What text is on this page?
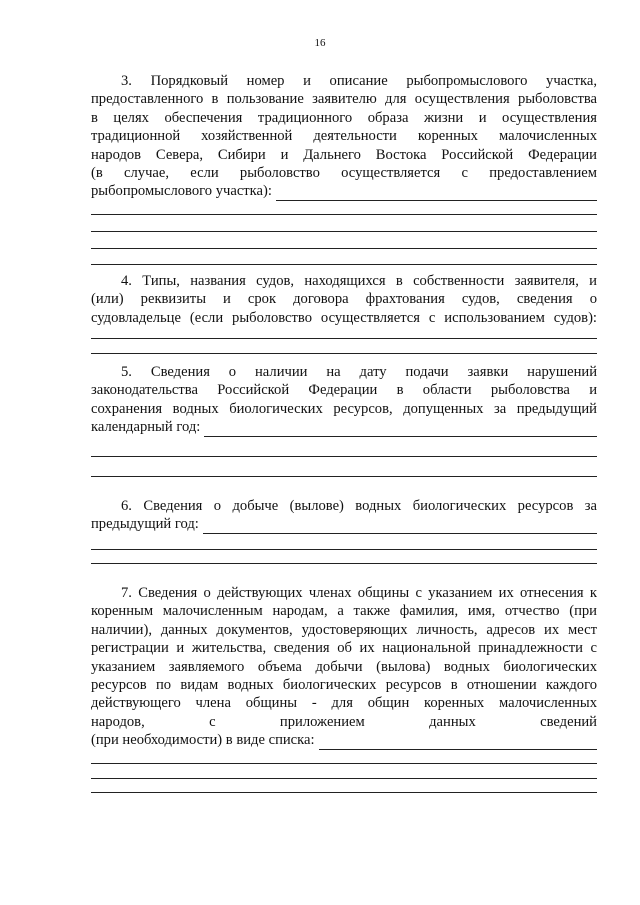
16

3. Порядковый номер и описание рыбопромыслового участка,

предоставленного в пользование заявителю для осуществления рыболовства

в целях обеспечения традиционного образа жизни и осуществления

традиционной хозяйственной деятельности коренных малочисленных

народов Севера, Сибири и Дальнего Востока Российской Федерации

(в случае, если рыболовство осуществляется с предоставлением

рыбопромыслового участка):

4. Типы, названия судов, находящихся в собственности заявителя, и

(или) реквизиты и срок договора фрахтования судов, сведения о

судовладельце (если рыболовство осуществляется с использованием судов):

5. Сведения о наличии на дату подачи заявки нарушений

законодательства Российской Федерации в области рыболовства и

сохранения водных биологических ресурсов, допущенных за предыдущий

календарный год:

6. Сведения о добыче (вылове) водных биологических ресурсов за

предыдущий год:

7. Сведения о действующих членах общины с указанием их отнесения к

коренным малочисленным народам, а также фамилия, имя, отчество (при

наличии), данных документов, удостоверяющих личность, адресов их мест

регистрации и жительства, сведения об их национальной принадлежности с

указанием заявляемого объема добычи (вылова) водных биологических

ресурсов по видам водных биологических ресурсов в отношении каждого

действующего члена общины - для общин коренных малочисленных

народов, с приложением данных сведений

(при необходимости) в виде списка:
